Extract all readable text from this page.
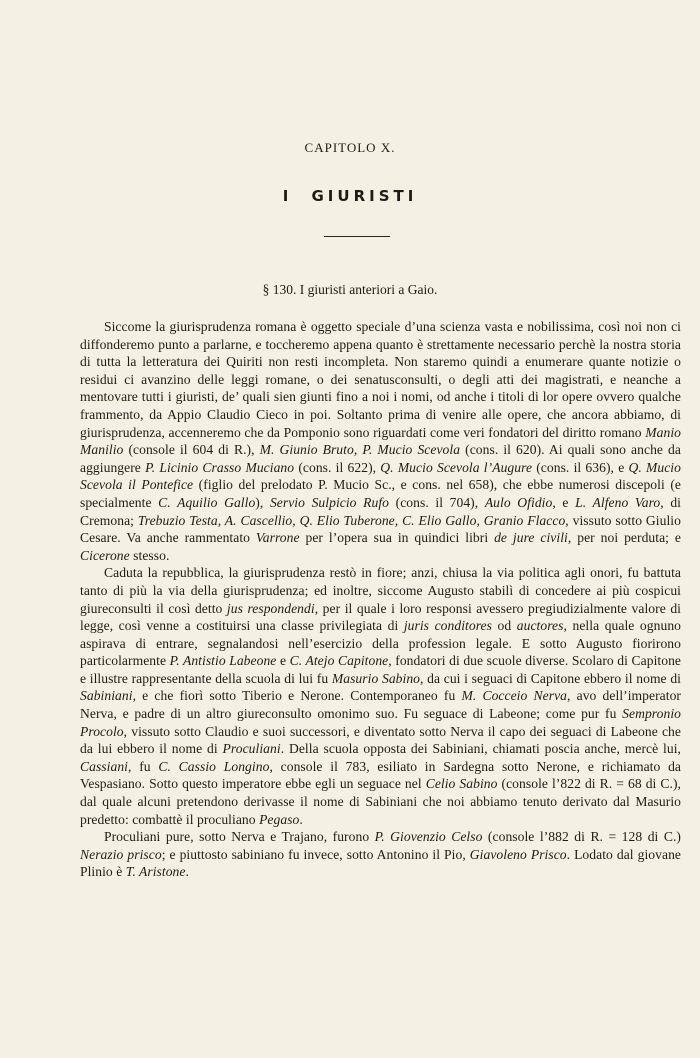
CAPITOLO X.
I GIURISTI
§ 130. I giuristi anteriori a Gaio.

Siccome la giurisprudenza romana è oggetto speciale d’una scienza vasta e nobilissima, così noi non ci diffonderemo punto a parlarne, e toccheremo appena quanto è strettamente necessario perchè la nostra storia di tutta la letteratura dei Quiriti non resti incompleta. Non staremo quindi a enumerare quante notizie o residui ci avanzino delle leggi romane, o dei senatusconsulti, o degli atti dei magistrati, e neanche a mentovare tutti i giuristi, de’ quali sien giunti fino a noi i nomi, od anche i titoli di lor opere ovvero qualche frammento, da Appio Claudio Cieco in poi. Soltanto prima di venire alle opere, che ancora abbiamo, di giurisprudenza, accenneremo che da Pomponio sono riguardati come veri fondatori del diritto romano Manio Manilio (console il 604 di R.), M. Giunio Bruto, P. Mucio Scevola (cons. il 620). Ai quali sono anche da aggiungere P. Licinio Crasso Muciano (cons. il 622), Q. Mucio Scevola l’Augure (cons. il 636), e Q. Mucio Scevola il Pontefice (figlio del prelodato P. Mucio Sc., e cons. nel 658), che ebbe numerosi discepoli (e specialmente C. Aquilio Gallo), Servio Sulpicio Rufo (cons. il 704), Aulo Ofidio, e L. Alfeno Varo, di Cremona; Trebuzio Testa, A. Cascellio, Q. Elio Tuberone, C. Elio Gallo, Granio Flacco, vissuto sotto Giulio Cesare. Va anche rammentato Varrone per l’opera sua in quindici libri de jure civili, per noi perduta; e Cicerone stesso.

Caduta la repubblica, la giurisprudenza restò in fiore; anzi, chiusa la via politica agli onori, fu battuta tanto di più la via della giurisprudenza; ed inoltre, siccome Augusto stabilì di concedere ai più cospicui giureconsulti il così detto jus respondendi, per il quale i loro responsi avessero pregiudizialmente valore di legge, così venne a costituirsi una classe privilegiata di juris conditores od auctores, nella quale ognuno aspirava di entrare, segnalandosi nell’esercizio della profession legale. E sotto Augusto fiorirono particolarmente P. Antistio Labeone e C. Atejo Capitone, fondatori di due scuole diverse. Scolaro di Capitone e illustre rappresentante della scuola di lui fu Masurio Sabino, da cui i seguaci di Capitone ebbero il nome di Sabiniani, e che fiorì sotto Tiberio e Nerone. Contemporaneo fu M. Cocceio Nerva, avo dell’imperator Nerva, e padre di un altro giureconsulto omonimo suo. Fu seguace di Labeone; come pur fu Sempronio Procolo, vissuto sotto Claudio e suoi successori, e diventato sotto Nerva il capo dei seguaci di Labeone che da lui ebbero il nome di Proculiani. Della scuola opposta dei Sabiniani, chiamati poscia anche, mercè lui, Cassiani, fu C. Cassio Longino, console il 783, esiliato in Sardegna sotto Nerone, e richiamato da Vespasiano. Sotto questo imperatore ebbe egli un seguace nel Celio Sabino (console l’822 di R. = 68 di C.), dal quale alcuni pretendono derivasse il nome di Sabiniani che noi abbiamo tenuto derivato dal Masurio predetto: combattè il proculiano Pegaso.

Proculiani pure, sotto Nerva e Trajano, furono P. Giovenzio Celso (console l’882 di R. = 128 di C.) Nerazio prisco; e piuttosto sabiniano fu invece, sotto Antonino il Pio, Giavoleno Prisco. Lodato dal giovane Plinio è T. Aristone.
